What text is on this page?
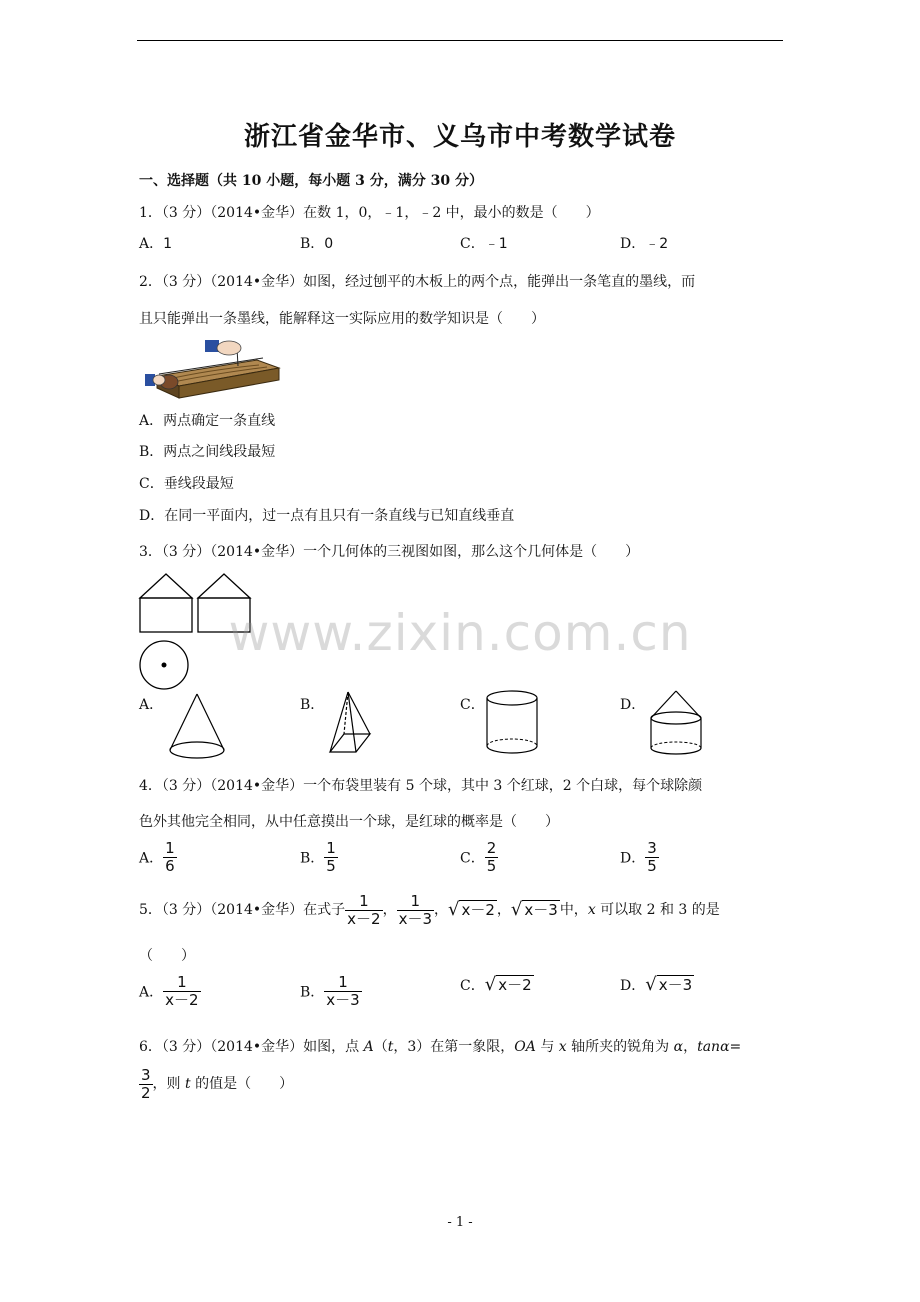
浙江省金华市、义乌市中考数学试卷
一、选择题（共 10 小题，每小题 3 分，满分 30 分）
1．（3 分）（2014•金华）在数 1，0，﹣1，﹣2 中，最小的数是（　　）
A．1	B．0	C．﹣1	D．﹣2
2．（3 分）（2014•金华）如图，经过刨平的木板上的两个点，能弹出一条笔直的墨线，而
且只能弹出一条墨线，能解释这一实际应用的数学知识是（　　）
A．两点确定一条直线
B．两点之间线段最短
C．垂线段最短
D．在同一平面内，过一点有且只有一条直线与已知直线垂直
3．（3 分）（2014•金华）一个几何体的三视图如图，那么这个几何体是（　　）
A．	B．	C．	D．
4．（3 分）（2014•金华）一个布袋里装有 5 个球，其中 3 个红球，2 个白球，每个球除颜
色外其他完全相同，从中任意摸出一个球，是红球的概率是（　　）
A． $\frac{1}{6}$	B． $\frac{1}{5}$	C． $\frac{2}{5}$	D． $\frac{3}{5}$
5．（3 分）（2014•金华）在式子 $\frac{1}{x-2}$ ， $\frac{1}{x-3}$ ，√ x－2 ，√ x－3 中，x 可以取 2 和 3 的是
（　　）
A． $\frac{1}{x-2}$	B． $\frac{1}{x-3}$	C．√ x－2	D．√ x－3
6．（3 分）（2014•金华）如图，点 A（t，3）在第一象限，OA 与 x 轴所夹的锐角为 α，tanα=
$\frac{3}{2}$ ，则 t 的值是（　　）
www.zixin.com.cn
- 1 -
